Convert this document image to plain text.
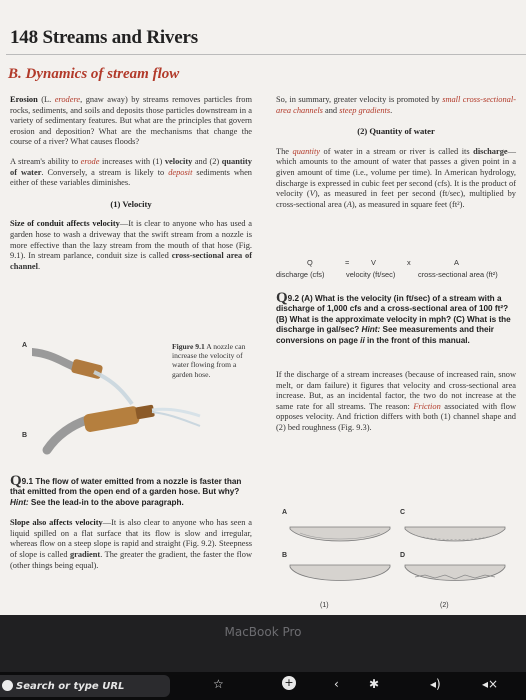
148 Streams and Rivers
B. Dynamics of stream flow

Erosion (L. erodere, gnaw away) by streams removes particles from rocks, sediments, and soils and deposits those particles downstream in a variety of sedimentary features. But what are the principles that govern erosion and deposition? What are the mechanisms that change the course of a river? What causes floods?

A stream's ability to erode increases with (1) velocity and (2) quantity of water. Conversely, a stream is likely to deposit sediments when either of these variables diminishes.

(1) Velocity

Size of conduit affects velocity—It is clear to anyone who has used a garden hose to wash a driveway that the swift stream from a nozzle is more effective than the lazy stream from the mouth of that hose (Fig. 9.1). In stream parlance, conduit size is called cross-sectional area of channel.

A
B
Figure 9.1 A nozzle can increase the velocity of water flowing from a garden hose.

Q9.1 The flow of water emitted from a nozzle is faster than that emitted from the open end of a garden hose. But why? Hint: See the lead-in to the above paragraph.

Slope also affects velocity—It is also clear to anyone who has seen a liquid spilled on a flat surface that its flow is slow and irregular, whereas flow on a steep slope is rapid and straight (Fig. 9.2). Steepness of slope is called gradient. The greater the gradient, the faster the flow (other things being equal).

So, in summary, greater velocity is promoted by small cross-sectional-area channels and steep gradients.

(2) Quantity of water

The quantity of water in a stream or river is called its discharge—which amounts to the amount of water that passes a given point in a given amount of time (i.e., volume per time). In American hydrology, discharge is expressed in cubic feet per second (cfs). It is the product of velocity (V), as measured in feet per second (ft/sec), multiplied by cross-sectional area (A), as measured in square feet (ft²).

Q	=	V	x	A
discharge (cfs)	velocity (ft/sec)	cross-sectional area (ft²)

Q9.2 (A) What is the velocity (in ft/sec) of a stream with a discharge of 1,000 cfs and a cross-sectional area of 100 ft²? (B) What is the approximate velocity in mph? (C) What is the discharge in gal/sec? Hint: See measurements and their conversions on page ii in the front of this manual.

If the discharge of a stream increases (because of increased rain, snow melt, or dam failure) it figures that velocity and cross-sectional area increase. But, as an incidental factor, the two do not increase at the same rate for all streams. The reason: Friction associated with flow opposes velocity. And friction differs with both (1) channel shape and (2) bed roughness (Fig. 9.3).

A	C
B	D
(1)	(2)
MacBook Pro
Search or type URL	☆	+	‹	✱	◂)	◂×
